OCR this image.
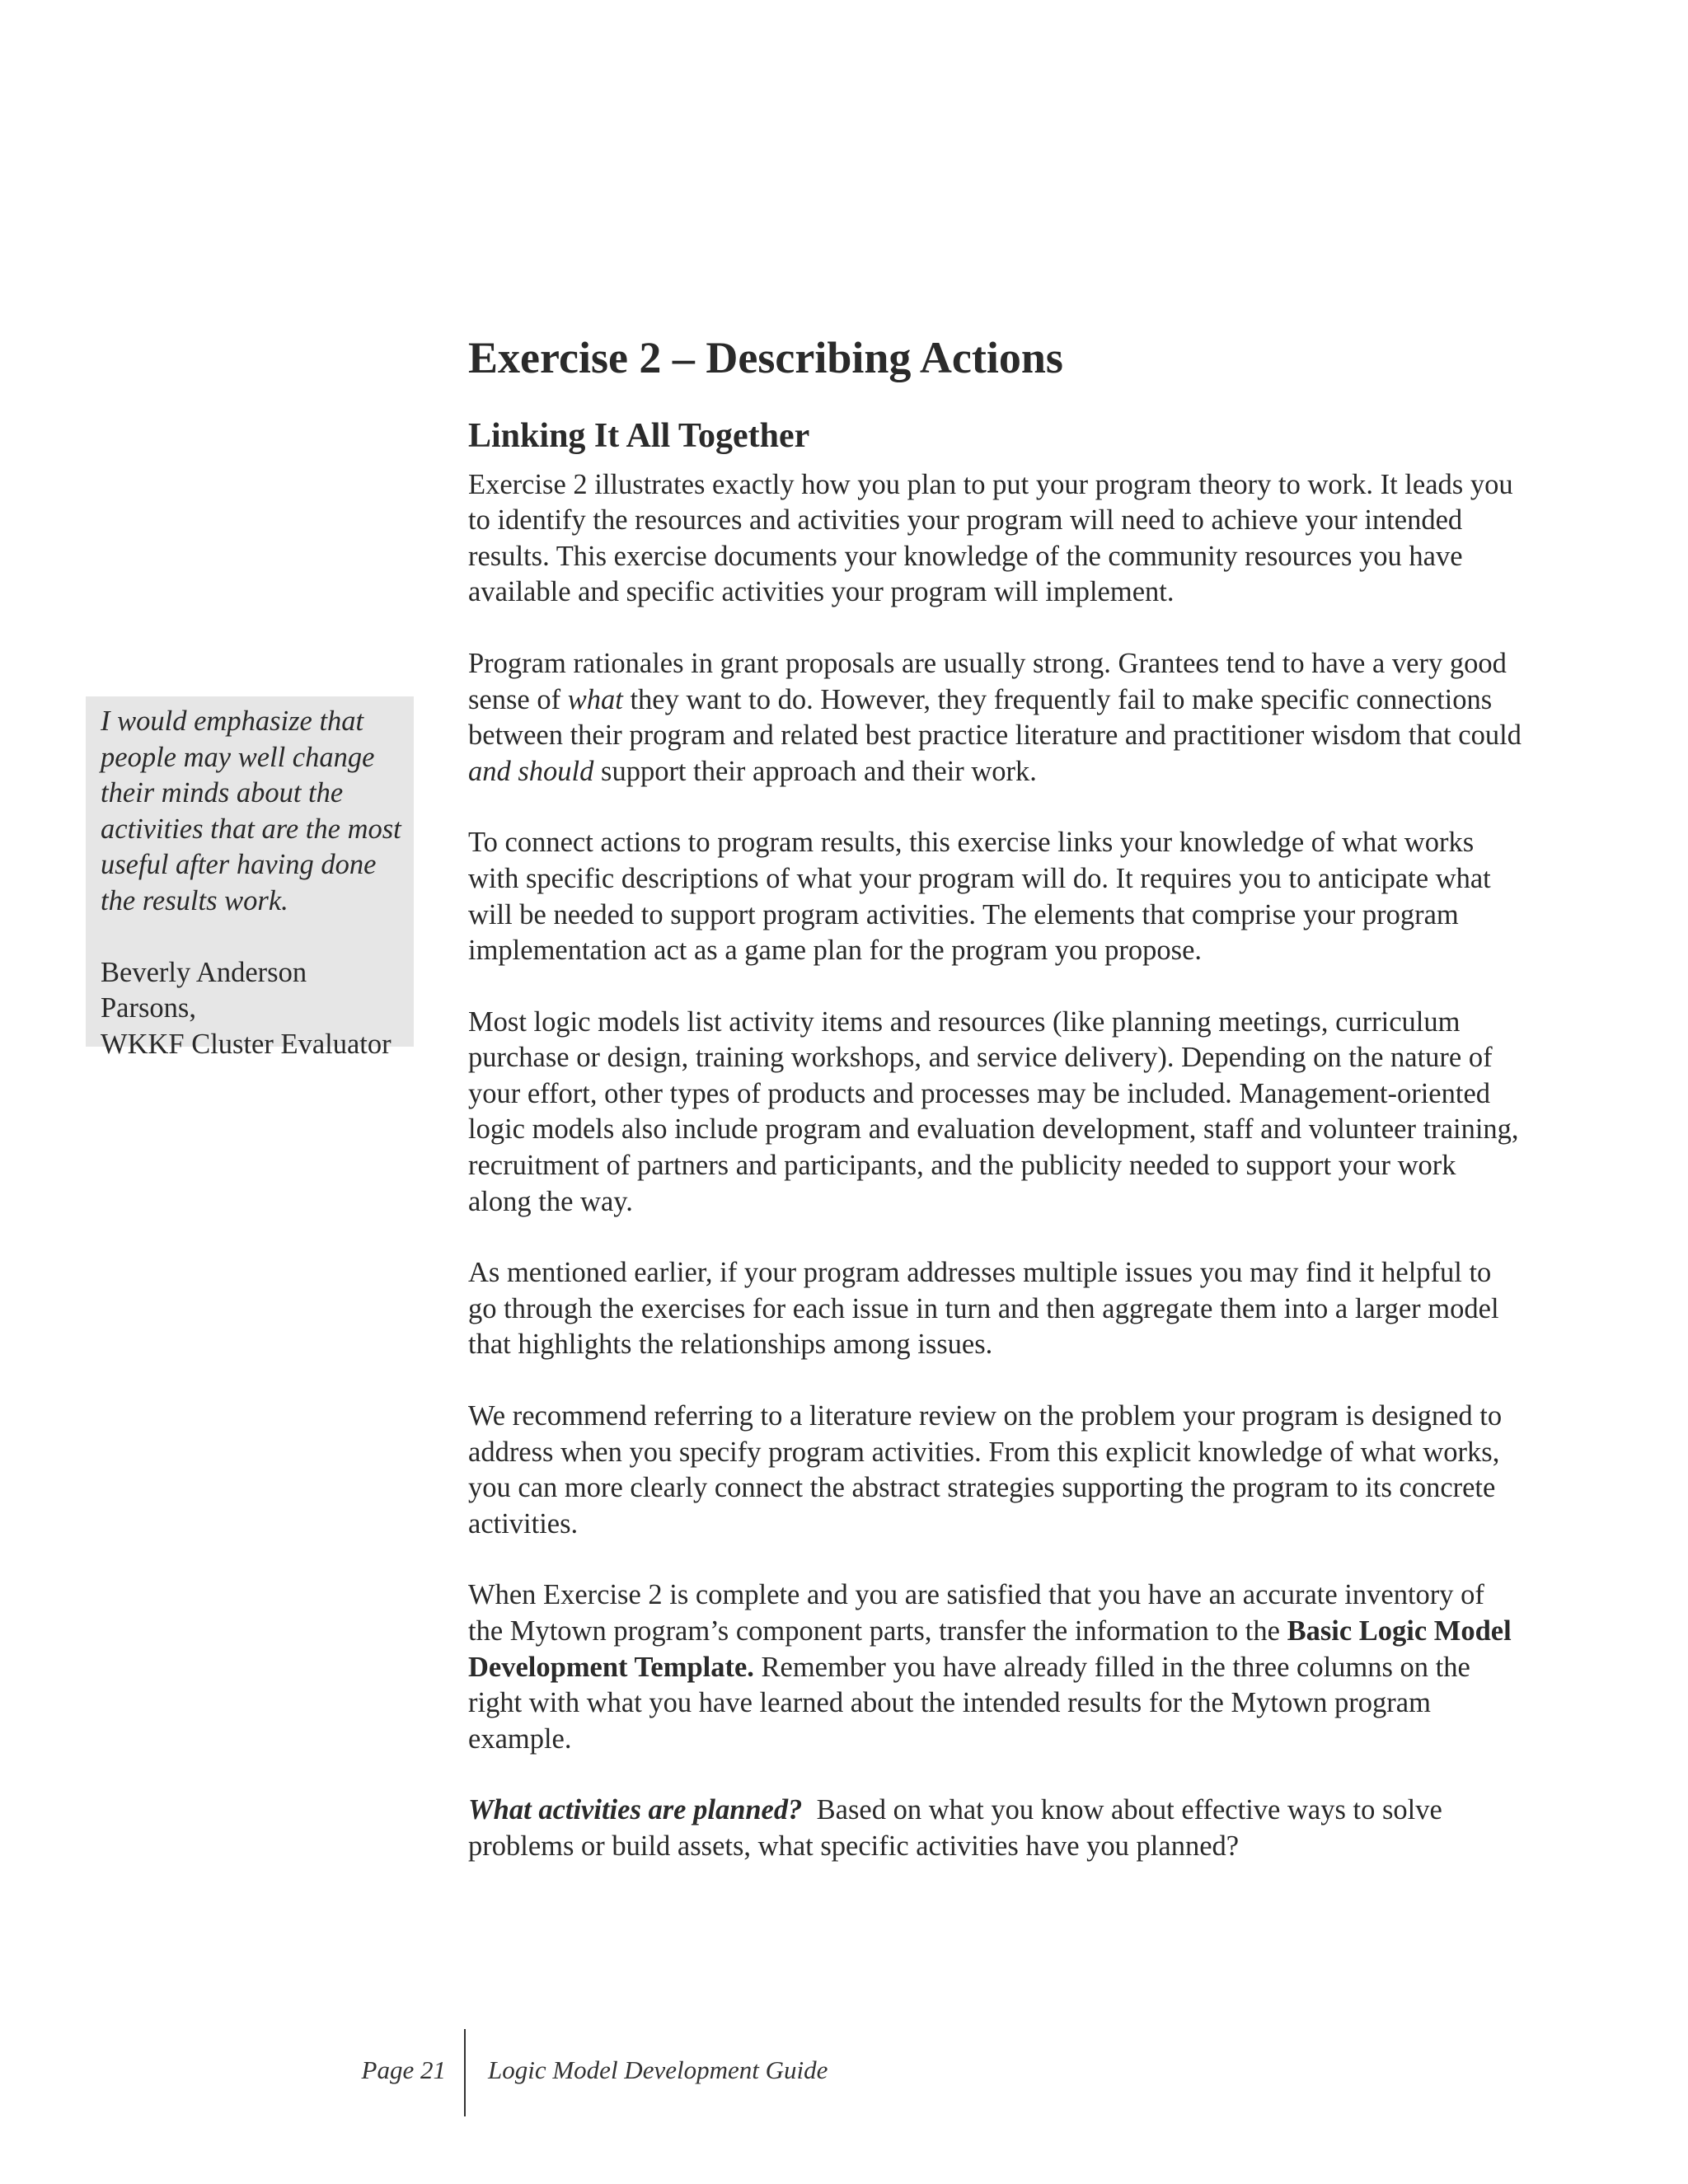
I would emphasize that people may well change their minds about the activities that are the most useful after having done the results work.

Beverly Anderson Parsons,
WKKF Cluster Evaluator

Exercise 2 – Describing Actions
Linking It All Together

Exercise 2 illustrates exactly how you plan to put your program theory to work. It leads you to identify the resources and activities your program will need to achieve your intended results. This exercise documents your knowledge of the community resources you have available and specific activities your program will implement.

Program rationales in grant proposals are usually strong. Grantees tend to have a very good sense of what they want to do. However, they frequently fail to make specific connections between their program and related best practice literature and practitioner wisdom that could and should support their approach and their work.

To connect actions to program results, this exercise links your knowledge of what works with specific descriptions of what your program will do. It requires you to anticipate what will be needed to support program activities. The elements that comprise your program implementation act as a game plan for the program you propose.

Most logic models list activity items and resources (like planning meetings, curriculum purchase or design, training workshops, and service delivery). Depending on the nature of your effort, other types of products and processes may be included. Management-oriented logic models also include program and evaluation development, staff and volunteer training, recruitment of partners and participants, and the publicity needed to support your work along the way.

As mentioned earlier, if your program addresses multiple issues you may find it helpful to go through the exercises for each issue in turn and then aggregate them into a larger model that highlights the relationships among issues.

We recommend referring to a literature review on the problem your program is designed to address when you specify program activities. From this explicit knowledge of what works, you can more clearly connect the abstract strategies supporting the program to its concrete activities.

When Exercise 2 is complete and you are satisfied that you have an accurate inventory of the Mytown program’s component parts, transfer the information to the Basic Logic Model Development Template. Remember you have already filled in the three columns on the right with what you have learned about the intended results for the Mytown program example.

What activities are planned?  Based on what you know about effective ways to solve problems or build assets, what specific activities have you planned?

Page 21 Logic Model Development Guide
